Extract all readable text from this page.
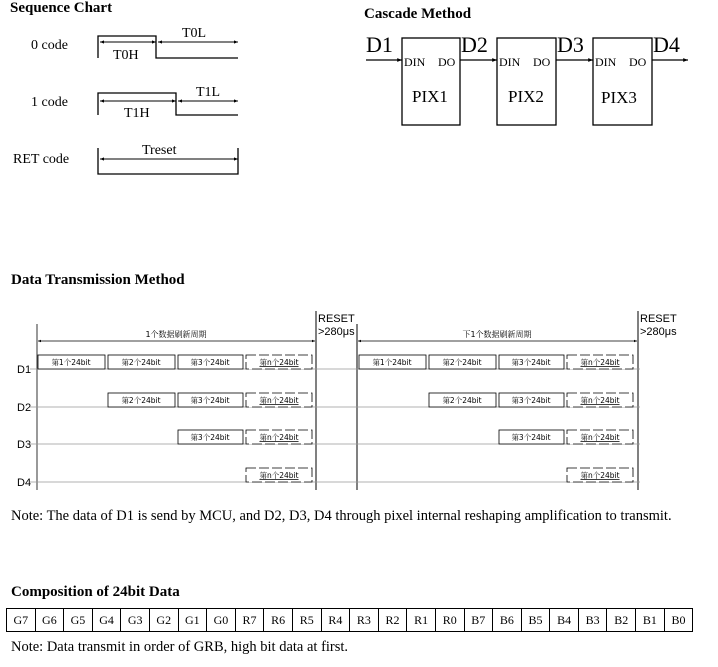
Sequence Chart	Cascade Method
Data Transmission Method
Composition of 24bit Data
0 code
T0H
T0L
1 code
T1H
T1L
RET code
Treset
D1	D2	D3	D4
DIN DO
PIX1
DIN DO
PIX2
DIN DO
PIX3
RESET
>280μs
RESET
>280μs
1个数据刷新周期	下1个数据刷新周期
D1
D2
D3
D4
第1个24bit	第2个24bit	第3个24bit	第n个24bit
第2个24bit	第3个24bit	第n个24bit
第3个24bit	第n个24bit
第n个24bit
第1个24bit	第2个24bit	第3个24bit	第n个24bit
第2个24bit	第3个24bit	第n个24bit
第3个24bit	第n个24bit
第n个24bit
Note: The data of D1 is send by MCU, and D2, D3, D4 through pixel internal reshaping amplification to transmit.
G7	G6	G5	G4	G3	G2	G1	G0	R7	R6	R5	R4	R3	R2	R1	R0	B7	B6	B5	B4	B3	B2	B1	B0
Note: Data transmit in order of GRB, high bit data at first.
